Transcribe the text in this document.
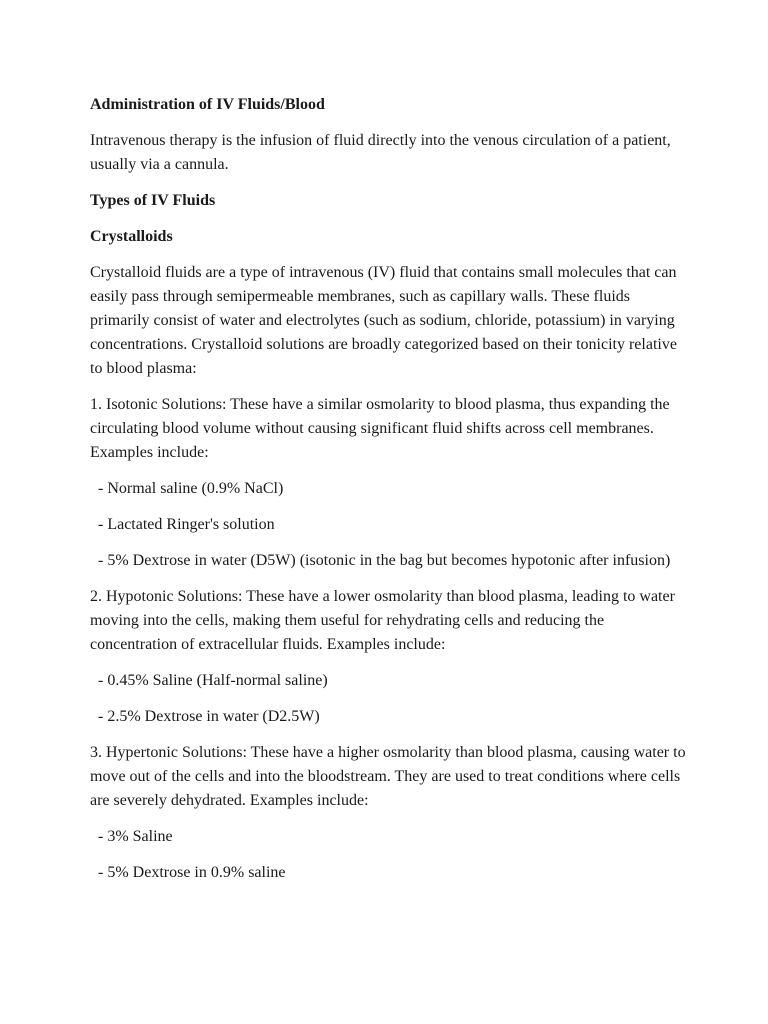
Administration of IV Fluids/Blood

Intravenous therapy is the infusion of fluid directly into the venous circulation of a patient, usually via a cannula.

Types of IV Fluids

Crystalloids

Crystalloid fluids are a type of intravenous (IV) fluid that contains small molecules that can easily pass through semipermeable membranes, such as capillary walls. These fluids primarily consist of water and electrolytes (such as sodium, chloride, potassium) in varying concentrations. Crystalloid solutions are broadly categorized based on their tonicity relative to blood plasma:

1. Isotonic Solutions: These have a similar osmolarity to blood plasma, thus expanding the circulating blood volume without causing significant fluid shifts across cell membranes. Examples include:

- Normal saline (0.9% NaCl)

- Lactated Ringer's solution

- 5% Dextrose in water (D5W) (isotonic in the bag but becomes hypotonic after infusion)

2. Hypotonic Solutions: These have a lower osmolarity than blood plasma, leading to water moving into the cells, making them useful for rehydrating cells and reducing the concentration of extracellular fluids. Examples include:

- 0.45% Saline (Half-normal saline)

- 2.5% Dextrose in water (D2.5W)

3. Hypertonic Solutions: These have a higher osmolarity than blood plasma, causing water to move out of the cells and into the bloodstream. They are used to treat conditions where cells are severely dehydrated. Examples include:

- 3% Saline

- 5% Dextrose in 0.9% saline
